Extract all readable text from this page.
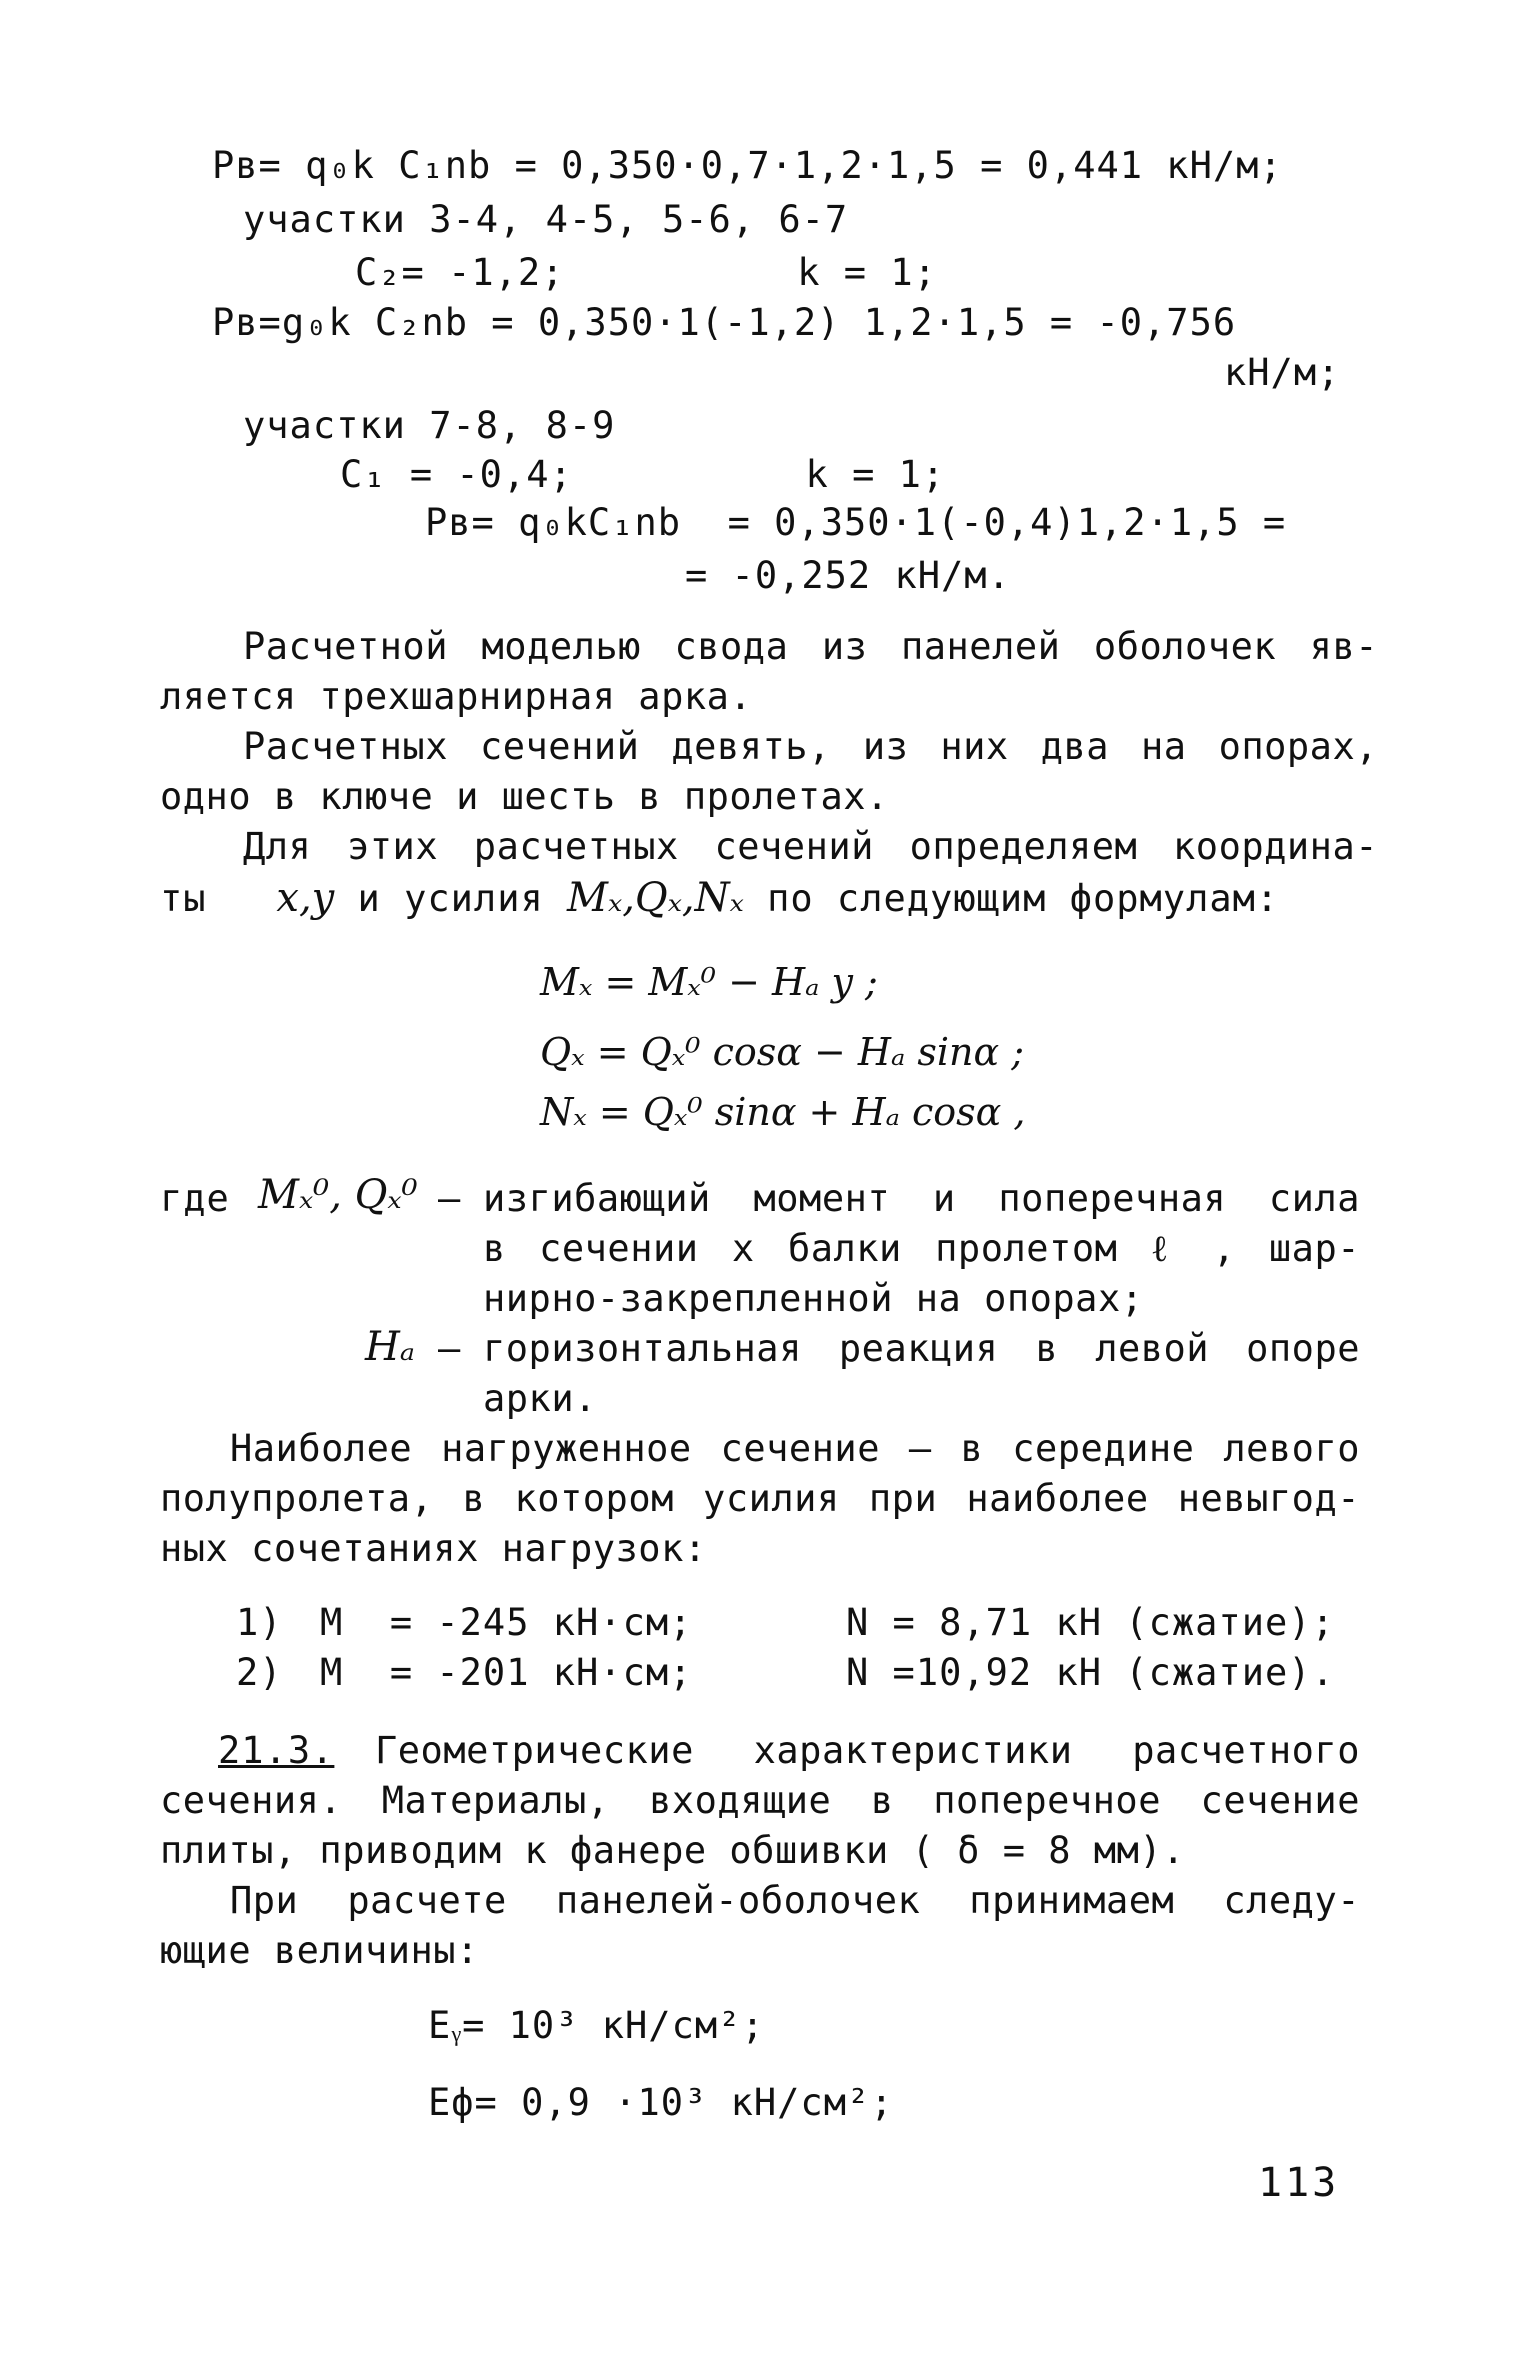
Pв= q₀k C₁nb = 0,350·0,7·1,2·1,5 = 0,441 кН/м;
участки 3-4, 4-5, 5-6, 6-7
C₂= -1,2;          k = 1;
Pв=g₀k C₂nb = 0,350·1(-1,2) 1,2·1,5 = -0,756
кН/м;
участки 7-8, 8-9
C₁ = -0,4;          k = 1;
Pв= q₀kC₁nb  = 0,350·1(-0,4)1,2·1,5 =
= -0,252 кН/м.
Расчетной моделью свода из панелей оболочек яв-
ляется трехшарнирная арка.
Расчетных сечений девять, из них два на опорах,
одно в ключе и шесть в пролетах.
Для этих расчетных сечений определяем координа-
ты x,y и усилия Mₓ,Qₓ,Nₓ по следующим формулам:
Mₓ = Mₓ⁰ − Hₐ y ;
Qₓ = Qₓ⁰ cosα − Hₐ sinα ;
Nₓ = Qₓ⁰ sinα + Hₐ cosα ,
где Mₓ⁰, Qₓ⁰ – изгибающий момент и поперечная сила
в сечении x балки пролетом ℓ , шар-
нирно-закрепленной на опорах;
Hₐ – горизонтальная реакция в левой опоре
арки.
Наиболее нагруженное сечение – в середине левого
полупролета, в котором усилия при наиболее невыгод-
ных сочетаниях нагрузок:
1) M  = -245 кН·см;	N = 8,71 кН (сжатие);
2) M  = -201 кН·см;	N =10,92 кН (сжатие).
21.3. Геометрические характеристики расчетного
сечения. Материалы, входящие в поперечное сечение
плиты, приводим к фанере обшивки ( δ = 8 мм).
При расчете панелей-оболочек принимаем следу-
ющие величины:
Eᵧ= 10³ кН/см²;
Eф= 0,9 ·10³ кН/см²;
113
